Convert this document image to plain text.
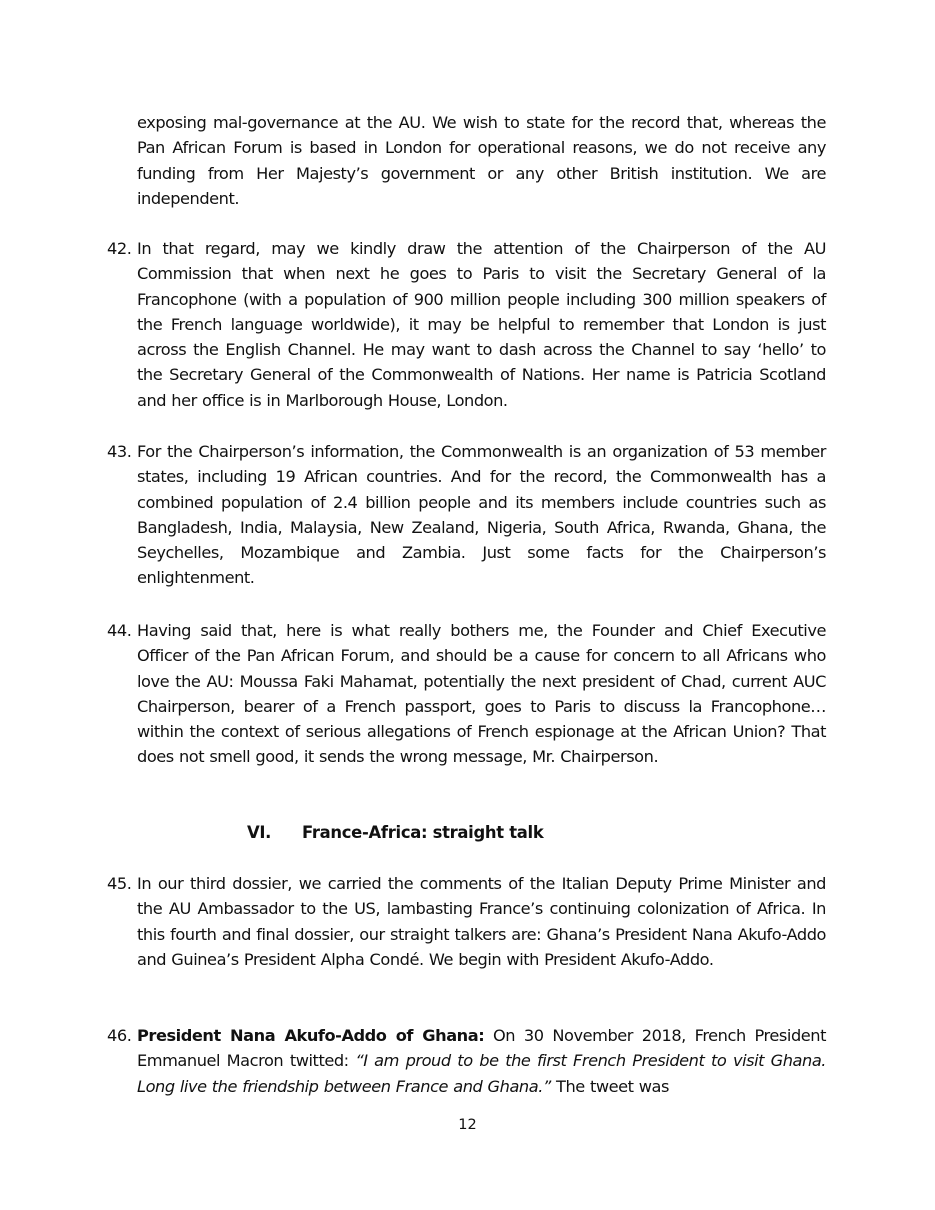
exposing mal-governance at the AU. We wish to state for the record that, whereas the Pan African Forum is based in London for operational reasons, we do not receive any funding from Her Majesty’s government or any other British institution. We are independent.

42. In that regard, may we kindly draw the attention of the Chairperson of the AU Commission that when next he goes to Paris to visit the Secretary General of la Francophone (with a population of 900 million people including 300 million speakers of the French language worldwide), it may be helpful to remember that London is just across the English Channel. He may want to dash across the Channel to say ‘hello’ to the Secretary General of the Commonwealth of Nations. Her name is Patricia Scotland and her office is in Marlborough House, London.

43. For the Chairperson’s information, the Commonwealth is an organization of 53 member states, including 19 African countries. And for the record, the Commonwealth has a combined population of 2.4 billion people and its members include countries such as Bangladesh, India, Malaysia, New Zealand, Nigeria, South Africa, Rwanda, Ghana, the Seychelles, Mozambique and Zambia. Just some facts for the Chairperson’s enlightenment.

44. Having said that, here is what really bothers me, the Founder and Chief Executive Officer of the Pan African Forum, and should be a cause for concern to all Africans who love the AU: Moussa Faki Mahamat, potentially the next president of Chad, current AUC Chairperson, bearer of a French passport, goes to Paris to discuss la Francophone… within the context of serious allegations of French espionage at the African Union? That does not smell good, it sends the wrong message, Mr. Chairperson.

VI. France-Africa: straight talk

45. In our third dossier, we carried the comments of the Italian Deputy Prime Minister and the AU Ambassador to the US, lambasting France’s continuing colonization of Africa. In this fourth and final dossier, our straight talkers are: Ghana’s President Nana Akufo-Addo and Guinea’s President Alpha Condé. We begin with President Akufo-Addo.

46. President Nana Akufo-Addo of Ghana: On 30 November 2018, French President Emmanuel Macron twitted: “I am proud to be the first French President to visit Ghana. Long live the friendship between France and Ghana.” The tweet was

12
